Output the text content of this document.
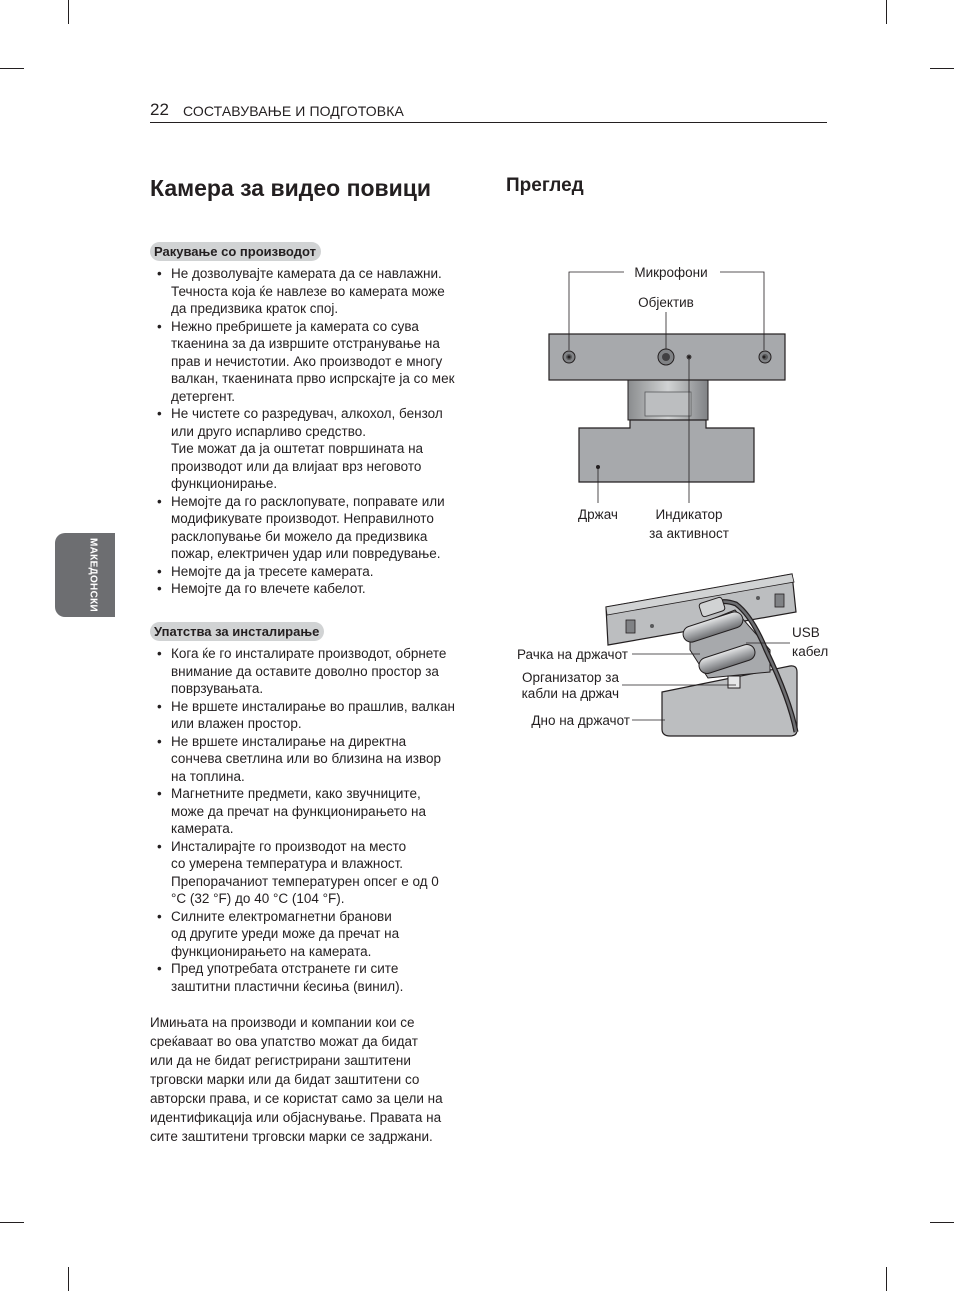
22 СОСТАВУВАЊЕ И ПОДГОТОВКА
МАКЕДОНСКИ
Камера за видео повици
Ракување со производот
• Не дозволувајте камерата да се навлажни.
Течноста која ќе навлезе во камерата може
да предизвика краток спој.
• Нежно пребришете ја камерата со сува
ткаенина за да извршите отстранување на
прав и нечистотии. Ако производот е многу
валкан, ткаенината прво испрскајте ја со мек
детергент.
• Не чистете со разредувач, алкохол, бензол
или друго испарливо средство.
Тие можат да ја оштетат површината на
производот или да влијаат врз неговото
функционирање.
• Немојте да го расклопувате, поправате или
модификувате производот. Неправилното
расклопување би можело да предизвика
пожар, електричен удар или повредување.
• Немојте да ја тресете камерата.
• Немојте да го влечете кабелот.
Упатства за инсталирање
• Кога ќе го инсталирате производот, обрнете
внимание да оставите доволно простор за
поврзувањата.
• Не вршете инсталирање во прашлив, валкан
или влажен простор.
• Не вршете инсталирање на директна
сончева светлина или во близина на извор
на топлина.
• Магнетните предмети, како звучниците,
може да пречат на функционирањето на
камерата.
• Инсталирајте го производот на место
со умерена температура и влажност.
Препорачаниот температурен опсег е од 0
°C (32 °F) до 40 °C (104 °F).
• Силните електромагнетни бранови
од другите уреди може да пречат на
функционирањето на камерата.
• Пред употребата отстранете ги сите
заштитни пластични ќесиња (винил).
Имињата на производи и компании кои се
среќаваат во ова упатство можат да бидат
или да не бидат регистрирани заштитени
трговски марки или да бидат заштитени со
авторски права, и се користат само за цели на
идентификација или објаснување. Правата на
сите заштитени трговски марки се задржани.
Преглед
Микрофони
Објектив
Држач	Индикатор
за активност
USB
кабел
Рачка на држачот
Организатор за
кабли на држач
Дно на држачот
